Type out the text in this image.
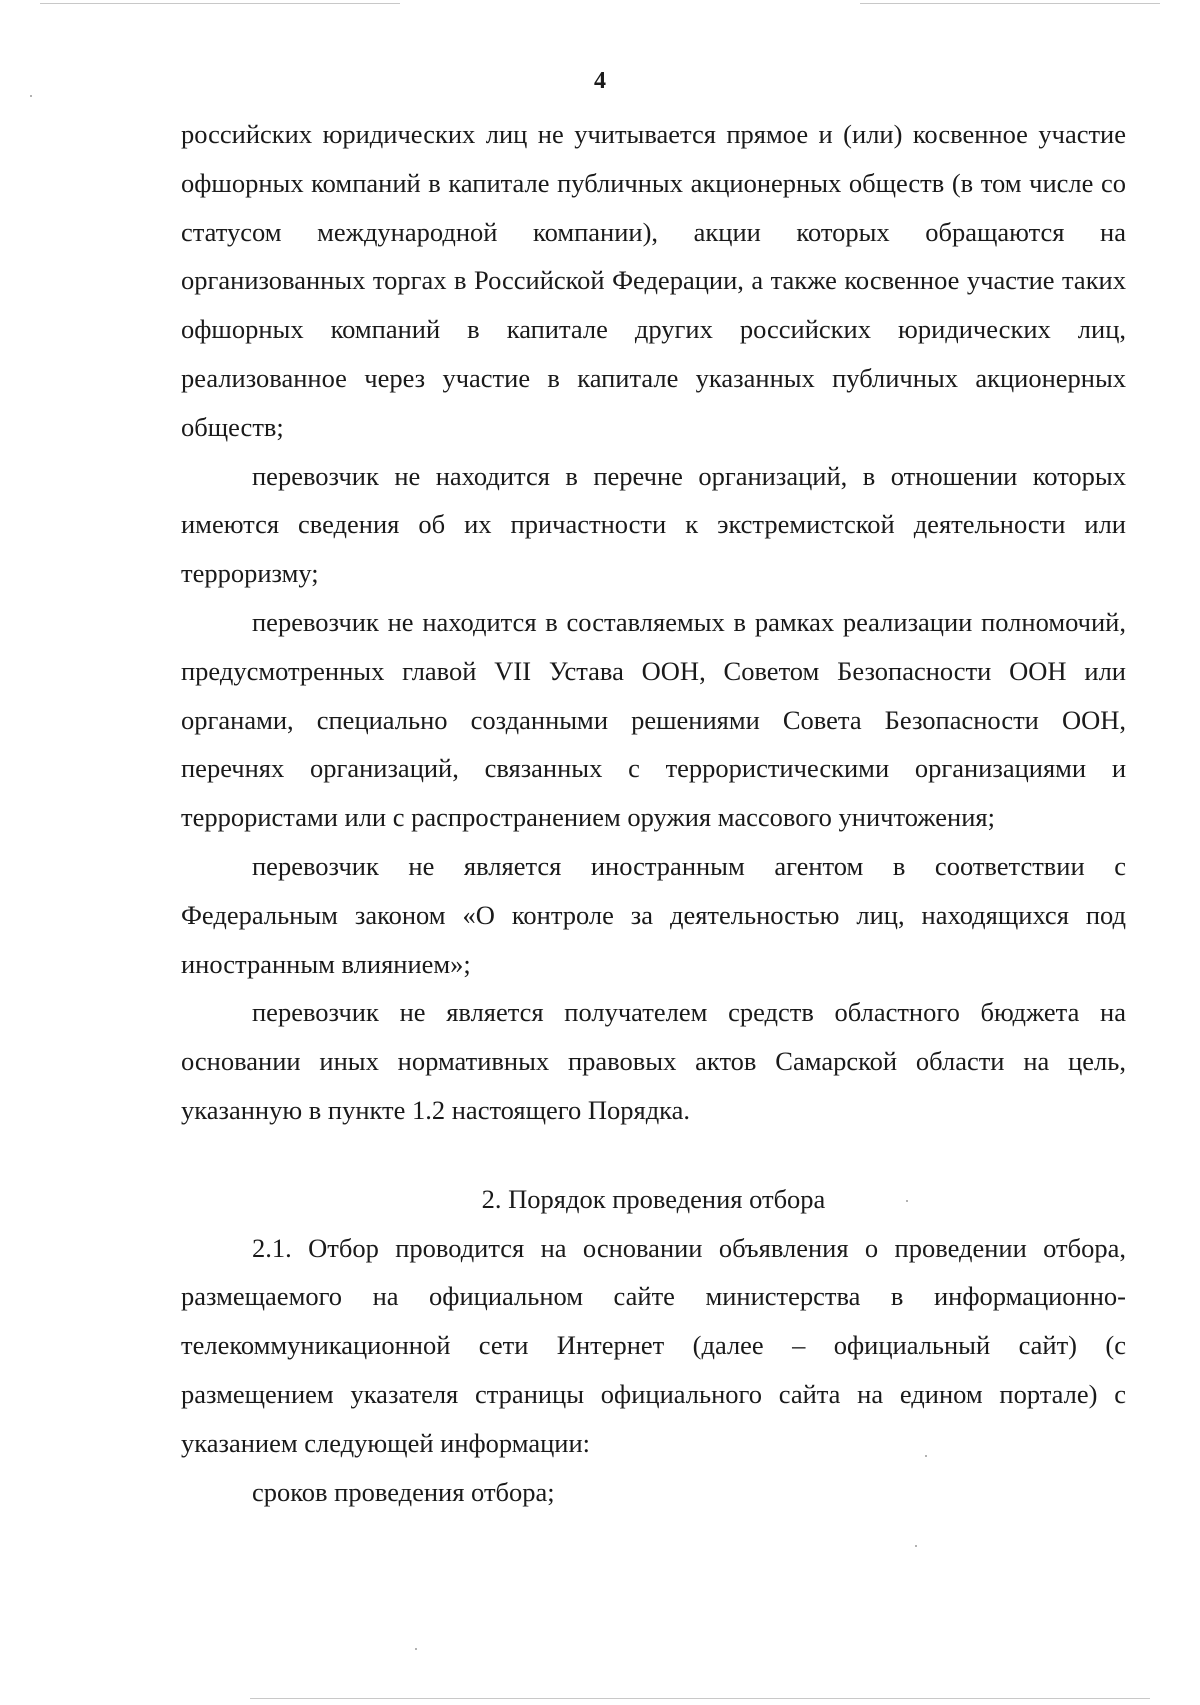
4

российских юридических лиц не учитывается прямое и (или) косвенное участие офшорных компаний в капитале публичных акционерных обществ (в том числе со статусом международной компании), акции которых обращаются на организованных торгах в Российской Федерации, а также косвенное участие таких офшорных компаний в капитале других российских юридических лиц, реализованное через участие в капитале указанных публичных акционерных обществ;

перевозчик не находится в перечне организаций, в отношении которых имеются сведения об их причастности к экстремистской деятельности или терроризму;

перевозчик не находится в составляемых в рамках реализации полномочий, предусмотренных главой VII Устава ООН, Советом Безопасности ООН или органами, специально созданными решениями Совета Безопасности ООН, перечнях организаций, связанных с террористическими организациями и террористами или с распространением оружия массового уничтожения;

перевозчик не является иностранным агентом в соответствии с Федеральным законом «О контроле за деятельностью лиц, находящихся под иностранным влиянием»;

перевозчик не является получателем средств областного бюджета на основании иных нормативных правовых актов Самарской области на цель, указанную в пункте 1.2 настоящего Порядка.

2. Порядок проведения отбора

2.1. Отбор проводится на основании объявления о проведении отбора, размещаемого на официальном сайте министерства в информационно-телекоммуникационной сети Интернет (далее – официальный сайт) (с размещением указателя страницы официального сайта на едином портале) с указанием следующей информации:

сроков проведения отбора;
